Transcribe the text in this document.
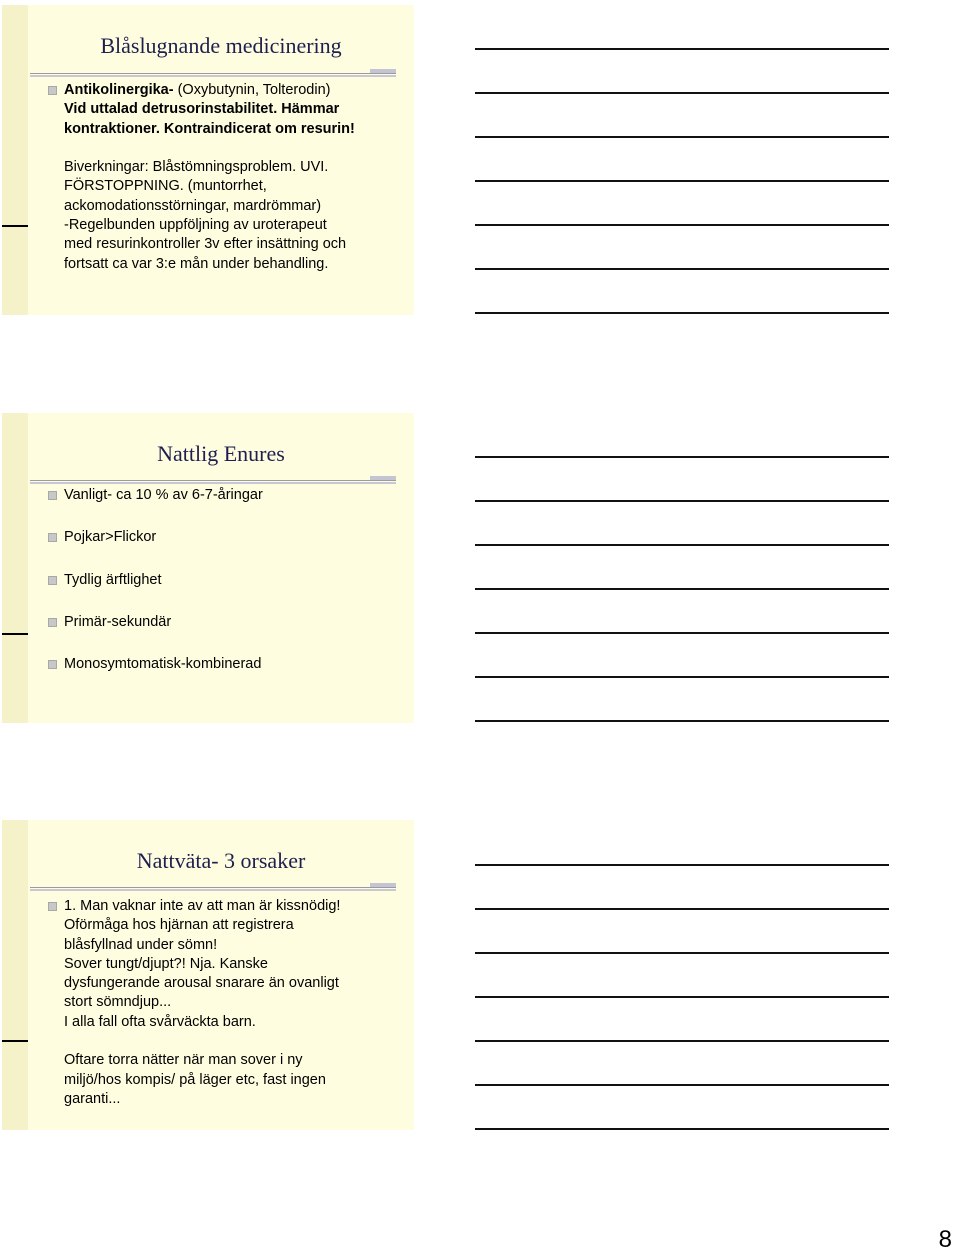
Blåslugnande medicinering
Antikolinergika- (Oxybutynin, Tolterodin)
Vid uttalad detrusorinstabilitet. Hämmar
kontraktioner. Kontraindicerat om resurin!

Biverkningar: Blåstömningsproblem. UVI.
FÖRSTOPPNING. (muntorrhet,
ackomodationsstörningar, mardrömmar)
-Regelbunden uppföljning av uroterapeut
med resurinkontroller 3v efter insättning och
fortsatt ca var 3:e mån under behandling.
Nattlig Enures
Vanligt- ca 10 % av 6-7-åringar
Pojkar>Flickor
Tydlig ärftlighet
Primär-sekundär
Monosymtomatisk-kombinerad
Nattväta- 3 orsaker
1. Man vaknar inte av att man är kissnödig!
Oförmåga hos hjärnan att registrera
blåsfyllnad under sömn!
Sover tungt/djupt?! Nja. Kanske
dysfungerande arousal snarare än ovanligt
stort sömndjup...
I alla fall ofta svårväckta barn.

Oftare torra nätter när man sover i ny
miljö/hos kompis/ på läger etc, fast ingen
garanti...
8
